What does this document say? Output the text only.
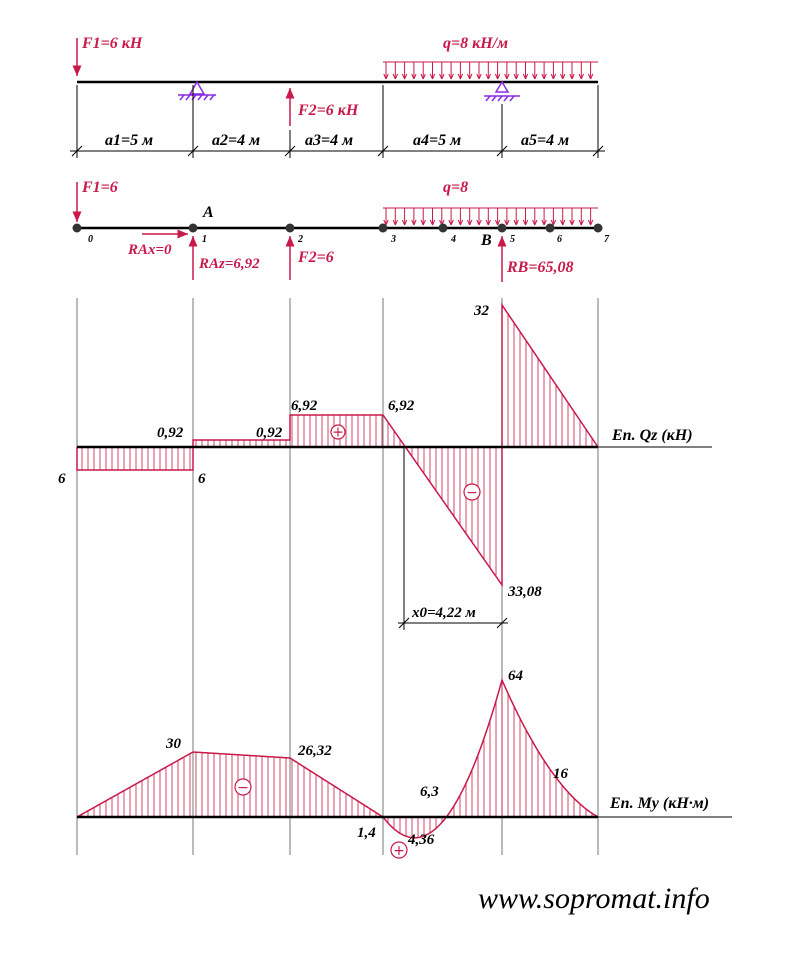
F1=6 кН
F2=6 кН
q=8 кН/м
a1=5 м	a2=4 м	a3=4 м	a4=5 м	a5=4 м
F1=6	q=8
0	1	2	3	4	5	6	7
A
B
RAx=0
RAz=6,92 F2=6
RB=65,08
Еп. Qz (кН)
6
0,92
6
0,92
6,92	6,92
32
33,08
+
−
x0=4,22 м
Еп. My (кН·м)
30	26,32
1,4 4,36
6,3
64
16
−
+
www.sopromat.info
